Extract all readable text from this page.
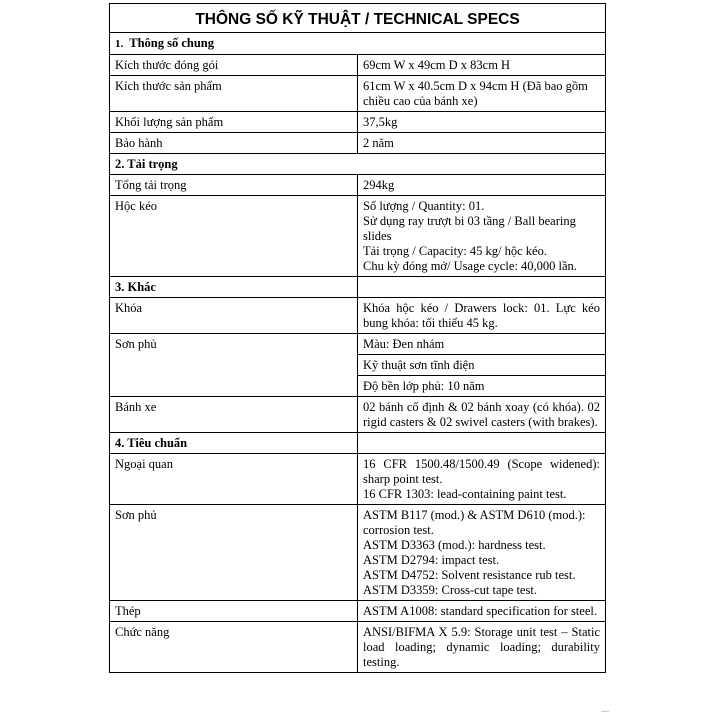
THÔNG SỐ KỸ THUẬT / TECHNICAL SPECS	
1. Thông số chung	
Kích thước đóng gói	69cm W x 49cm D x 83cm H
Kích thước sản phẩm	61cm W x 40.5cm D x 94cm H (Đã bao gồm chiều cao của bánh xe)
Khối lượng sản phẩm	37,5kg
Bảo hành	2 năm
2. Tải trọng	
Tổng tải trọng	294kg
Hộc kéo	Số lượng / Quantity: 01.
Sử dụng ray trượt bi 03 tầng / Ball bearing slides
Tải trọng / Capacity: 45 kg/ hộc kéo.
Chu kỳ đóng mở/ Usage cycle: 40,000 lần.

3. Khác	
Khóa	Khóa hộc kéo / Drawers lock: 01. Lực kéo bung khóa: tối thiểu 45 kg.
Sơn phủ	Màu: Đen nhám
	Kỹ thuật sơn tĩnh điện
	Độ bền lớp phủ: 10 năm
Bánh xe	02 bánh cố định & 02 bánh xoay (có khóa). 02 rigid casters & 02 swivel casters (with brakes).
4. Tiêu chuẩn	
Ngoại quan	16 CFR 1500.48/1500.49 (Scope widened): sharp point test.
16 CFR 1303: lead-containing paint test.

Sơn phủ	ASTM B117 (mod.) & ASTM D610 (mod.): corrosion test.
ASTM D3363 (mod.): hardness test.
ASTM D2794: impact test.
ASTM D4752: Solvent resistance rub test.
ASTM D3359: Cross-cut tape test.

Thép	ASTM A1008: standard specification for steel.
Chức năng	ANSI/BIFMA X 5.9: Storage unit test – Static load loading; dynamic loading; durability testing.
